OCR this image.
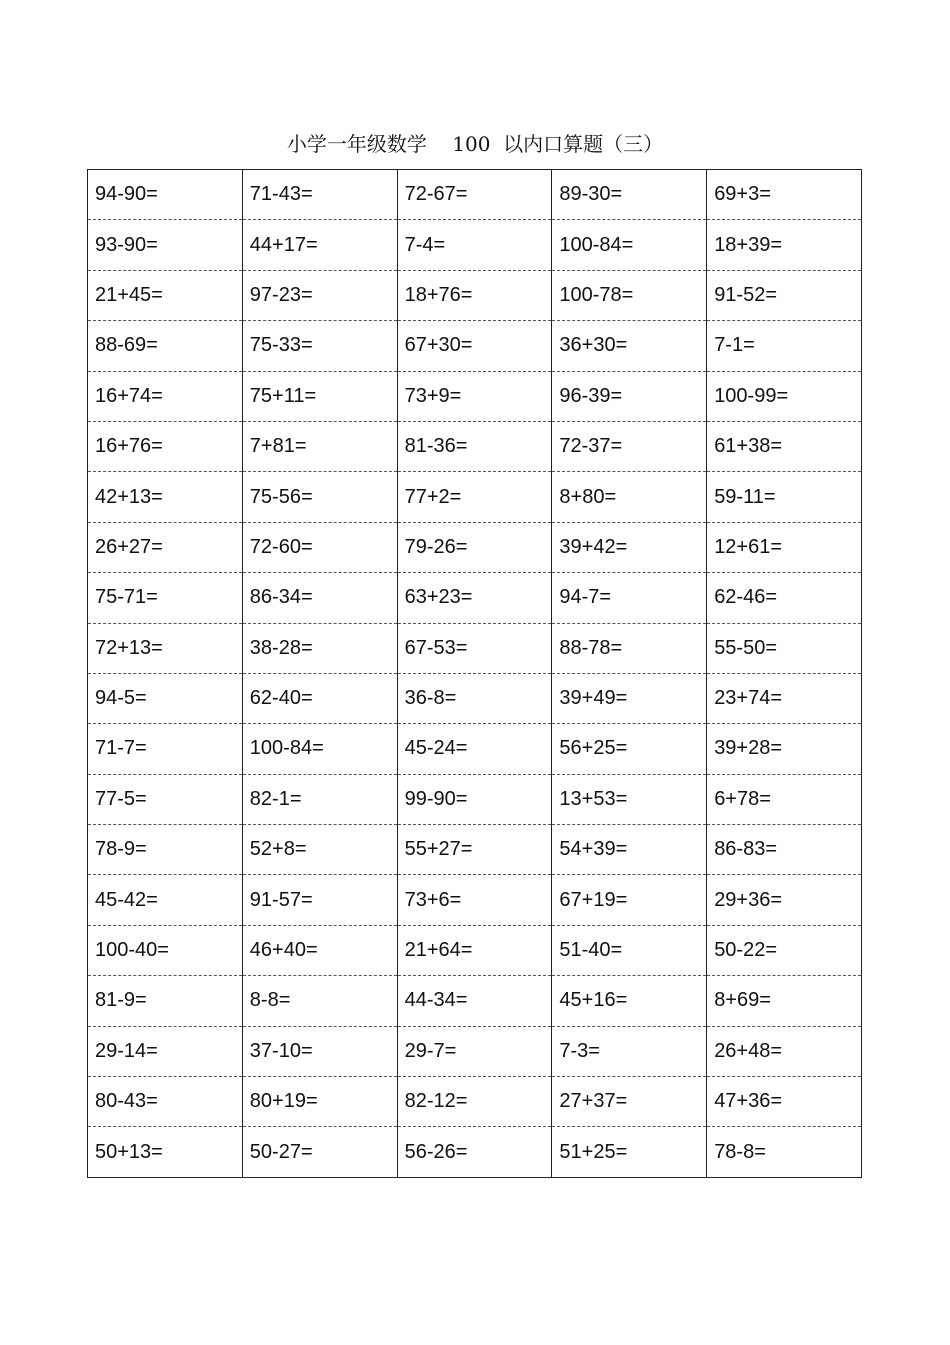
小学一年级数学    100  以内口算题（三）
94-90=	71-43=	72-67=	89-30=	69+3=
93-90=	44+17=	7-4=	100-84=	18+39=
21+45=	97-23=	18+76=	100-78=	91-52=
88-69=	75-33=	67+30=	36+30=	7-1=
16+74=	75+11=	73+9=	96-39=	100-99=
16+76=	7+81=	81-36=	72-37=	61+38=
42+13=	75-56=	77+2=	8+80=	59-11=
26+27=	72-60=	79-26=	39+42=	12+61=
75-71=	86-34=	63+23=	94-7=	62-46=
72+13=	38-28=	67-53=	88-78=	55-50=
94-5=	62-40=	36-8=	39+49=	23+74=
71-7=	100-84=	45-24=	56+25=	39+28=
77-5=	82-1=	99-90=	13+53=	6+78=
78-9=	52+8=	55+27=	54+39=	86-83=
45-42=	91-57=	73+6=	67+19=	29+36=
100-40=	46+40=	21+64=	51-40=	50-22=
81-9=	8-8=	44-34=	45+16=	8+69=
29-14=	37-10=	29-7=	7-3=	26+48=
80-43=	80+19=	82-12=	27+37=	47+36=
50+13=	50-27=	56-26=	51+25=	78-8=
